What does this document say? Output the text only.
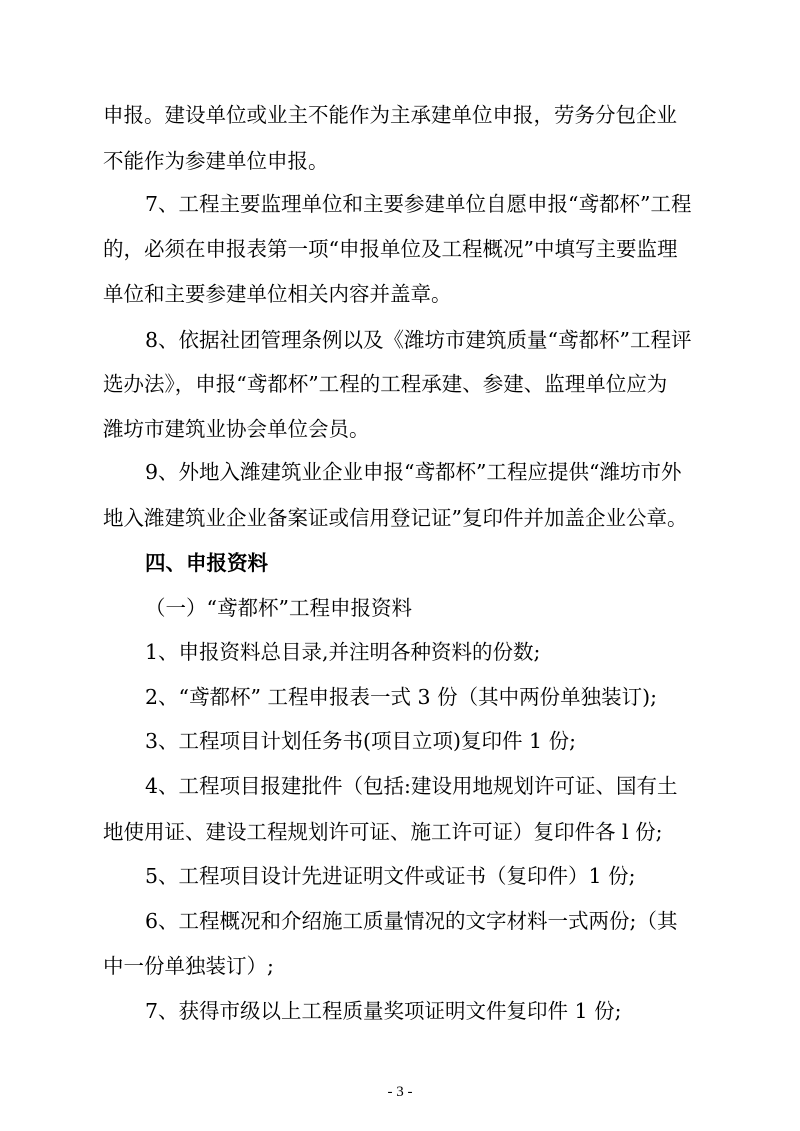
申报。建设单位或业主不能作为主承建单位申报，劳务分包企业
不能作为参建单位申报。
7、工程主要监理单位和主要参建单位自愿申报“鸢都杯”工程
的，必须在申报表第一项“申报单位及工程概况”中填写主要监理
单位和主要参建单位相关内容并盖章。
8、依据社团管理条例以及《潍坊市建筑质量“鸢都杯”工程评
选办法》，申报“鸢都杯”工程的工程承建、参建、监理单位应为
潍坊市建筑业协会单位会员。
9、外地入潍建筑业企业申报“鸢都杯”工程应提供“潍坊市外
地入潍建筑业企业备案证或信用登记证”复印件并加盖企业公章。
四、申报资料
（一）“鸢都杯”工程申报资料
1、申报资料总目录,并注明各种资料的份数;
2、“鸢都杯” 工程申报表一式 3 份（其中两份单独装订);
3、工程项目计划任务书(项目立项)复印件 1 份;
4、工程项目报建批件（包括:建设用地规划许可证、国有土
地使用证、建设工程规划许可证、施工许可证）复印件各 l 份;
5、工程项目设计先进证明文件或证书（复印件）1 份;
6、工程概况和介绍施工质量情况的文字材料一式两份;（其
中一份单独装订）;
7、获得市级以上工程质量奖项证明文件复印件 1 份;
- 3 -
